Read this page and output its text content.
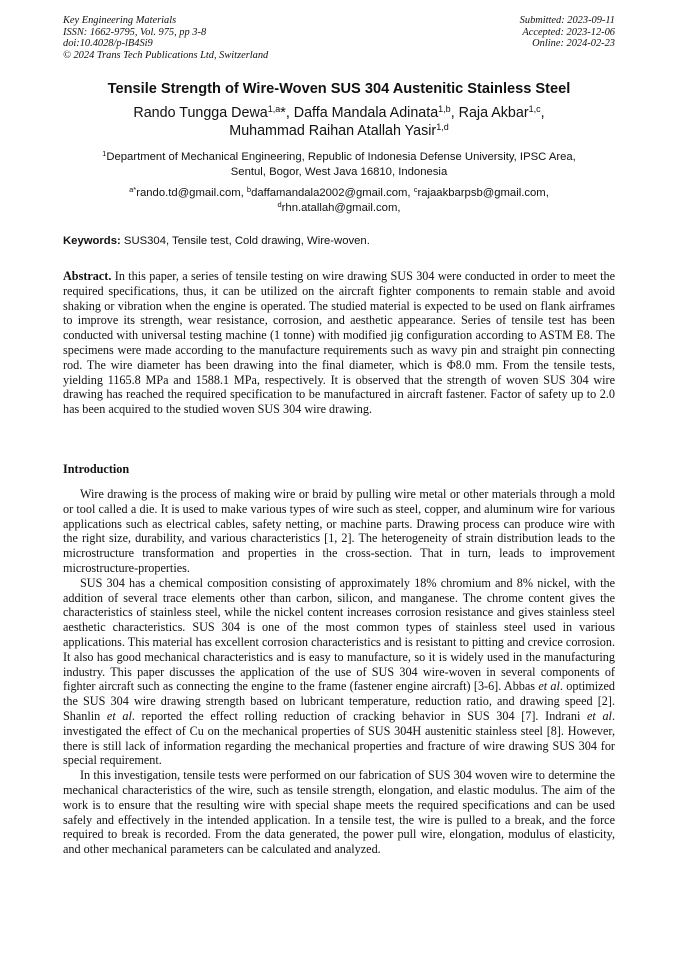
Key Engineering Materials
ISSN: 1662-9795, Vol. 975, pp 3-8
doi:10.4028/p-lB4Si9
© 2024 Trans Tech Publications Ltd, Switzerland
Submitted: 2023-09-11
Accepted: 2023-12-06
Online: 2024-02-23
Tensile Strength of Wire-Woven SUS 304 Austenitic Stainless Steel
Rando Tungga Dewa$^{1,a}$*, Daffa Mandala Adinata$^{1,b}$, Raja Akbar$^{1,c}$,
Muhammad Raihan Atallah Yasir$^{1,d}$
$^1$Department of Mechanical Engineering, Republic of Indonesia Defense University, IPSC Area,
Sentul, Bogor, West Java 16810, Indonesia
$^{a*}$rando.td@gmail.com, $^b$daffamandala2002@gmail.com, $^c$rajaakbarpsb@gmail.com,
$^d$rhn.atallah@gmail.com,
Keywords: SUS304, Tensile test, Cold drawing, Wire-woven.
Abstract. In this paper, a series of tensile testing on wire drawing SUS 304 were conducted in order to meet the required specifications, thus, it can be utilized on the aircraft fighter components to remain stable and avoid shaking or vibration when the engine is operated. The studied material is expected to be used on flank airframes to improve its strength, wear resistance, corrosion, and aesthetic appearance. Series of tensile test has been conducted with universal testing machine (1 tonne) with modified jig configuration according to ASTM E8. The specimens were made according to the manufacture requirements such as wavy pin and straight pin connecting rod. The wire diameter has been drawing into the final diameter, which is Φ8.0 mm. From the tensile tests, yielding 1165.8 MPa and 1588.1 MPa, respectively. It is observed that the strength of woven SUS 304 wire drawing has reached the required specification to be manufactured in aircraft fastener. Factor of safety up to 2.0 has been acquired to the studied woven SUS 304 wire drawing.
Introduction

Wire drawing is the process of making wire or braid by pulling wire metal or other materials through a mold or tool called a die. It is used to make various types of wire such as steel, copper, and aluminum wire for various applications such as electrical cables, safety netting, or machine parts. Drawing process can produce wire with the right size, durability, and various characteristics [1, 2]. The heterogeneity of strain distribution leads to the microstructure transformation and properties in the cross-section. That in turn, leads to improvement microstructure-properties.

SUS 304 has a chemical composition consisting of approximately 18% chromium and 8% nickel, with the addition of several trace elements other than carbon, silicon, and manganese. The chrome content gives the characteristics of stainless steel, while the nickel content increases corrosion resistance and gives stainless steel aesthetic characteristics. SUS 304 is one of the most common types of stainless steel used in various applications. This material has excellent corrosion characteristics and is resistant to pitting and crevice corrosion. It also has good mechanical characteristics and is easy to manufacture, so it is widely used in the manufacturing industry. This paper discusses the application of the use of SUS 304 wire-woven in several components of fighter aircraft such as connecting the engine to the frame (fastener engine aircraft) [3-6]. Abbas et al. optimized the SUS 304 wire drawing strength based on lubricant temperature, reduction ratio, and drawing speed [2]. Shanlin et al. reported the effect rolling reduction of cracking behavior in SUS 304 [7]. Indrani et al. investigated the effect of Cu on the mechanical properties of SUS 304H austenitic stainless steel [8]. However, there is still lack of information regarding the mechanical properties and fracture of wire drawing SUS 304 for special requirement.

In this investigation, tensile tests were performed on our fabrication of SUS 304 woven wire to determine the mechanical characteristics of the wire, such as tensile strength, elongation, and elastic modulus. The aim of the work is to ensure that the resulting wire with special shape meets the required specifications and can be used safely and effectively in the intended application. In a tensile test, the wire is pulled to a break, and the force required to break is recorded. From the data generated, the power pull wire, elongation, modulus of elasticity, and other mechanical parameters can be calculated and analyzed.
